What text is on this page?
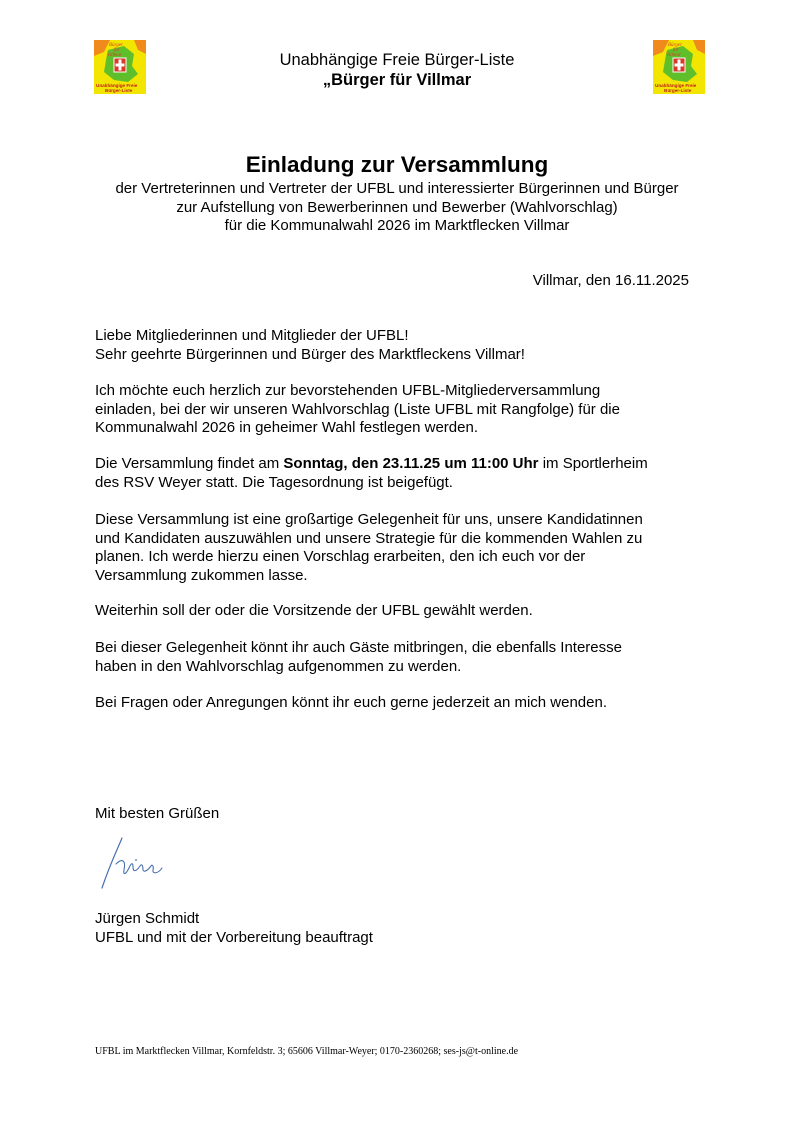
Bürger
für
Villmar
Unabhängige Freie
Bürger-Liste
Bürger
für
Villmar
Unabhängige Freie
Bürger-Liste
Unabhängige Freie Bürger-Liste
„Bürger für Villmar
Einladung zur Versammlung
der Vertreterinnen und Vertreter der UFBL und interessierter Bürgerinnen und Bürger
zur Aufstellung von Bewerberinnen und Bewerber (Wahlvorschlag)
für die Kommunalwahl 2026 im Marktflecken Villmar
Villmar, den 16.11.2025

Liebe Mitgliederinnen und Mitglieder der UFBL!

Sehr geehrte Bürgerinnen und Bürger des Marktfleckens Villmar!

Ich möchte euch herzlich zur bevorstehenden UFBL-Mitgliederversammlung

einladen, bei der wir unseren Wahlvorschlag (Liste UFBL mit Rangfolge) für die

Kommunalwahl 2026 in geheimer Wahl festlegen werden.

Die Versammlung findet am Sonntag, den 23.11.25 um 11:00 Uhr im Sportlerheim

des RSV Weyer statt. Die Tagesordnung ist beigefügt.

Diese Versammlung ist eine großartige Gelegenheit für uns, unsere Kandidatinnen

und Kandidaten auszuwählen und unsere Strategie für die kommenden Wahlen zu

planen. Ich werde hierzu einen Vorschlag erarbeiten, den ich euch vor der

Versammlung zukommen lasse.

Weiterhin soll der oder die Vorsitzende der UFBL gewählt werden.

Bei dieser Gelegenheit könnt ihr auch Gäste mitbringen, die ebenfalls Interesse

haben in den Wahlvorschlag aufgenommen zu werden.

Bei Fragen oder Anregungen könnt ihr euch gerne jederzeit an mich wenden.

Mit besten Grüßen

Jürgen Schmidt

UFBL und mit der Vorbereitung beauftragt

UFBL im Marktflecken Villmar, Kornfeldstr. 3; 65606 Villmar-Weyer; 0170-2360268; ses-js@t-online.de
